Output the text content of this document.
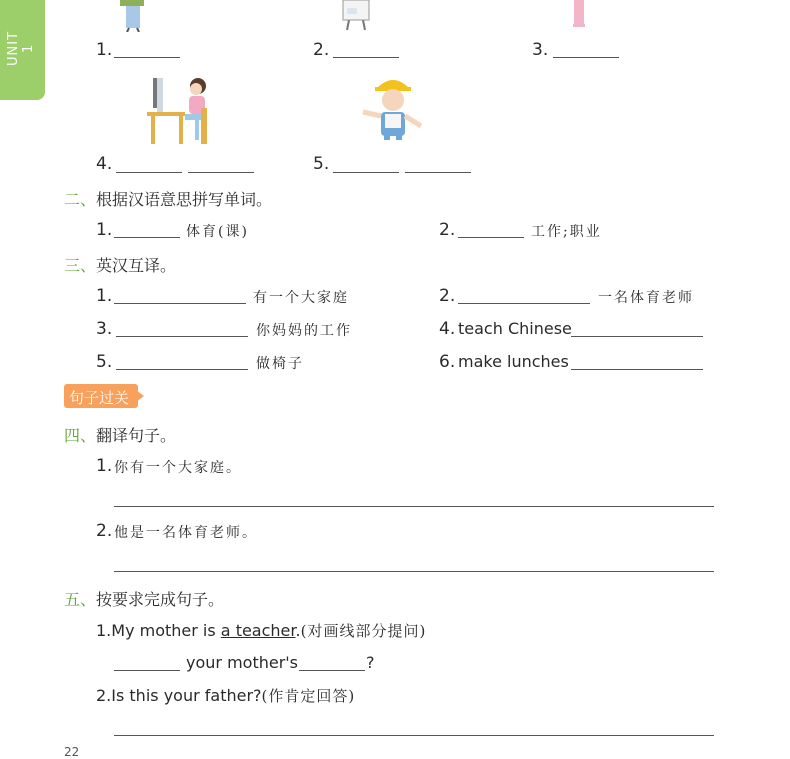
UNIT 1	1.	2.	3.
4.	5.
二、根据汉语意思拼写单词。
1.	体育(课)	2.	工作;职业
三、英汉互译。
1.	有一个大家庭	2.	一名体育老师
3.	你妈妈的工作	4. teach Chinese
5.	做椅子	6. make lunches
句子过关
四、翻译句子。
1. 你有一个大家庭。
2. 他是一名体育老师。
五、按要求完成句子。
1.My mother is a teacher.(对画线部分提问)
your mother's	?
2.Is this your father?(作肯定回答)
22
